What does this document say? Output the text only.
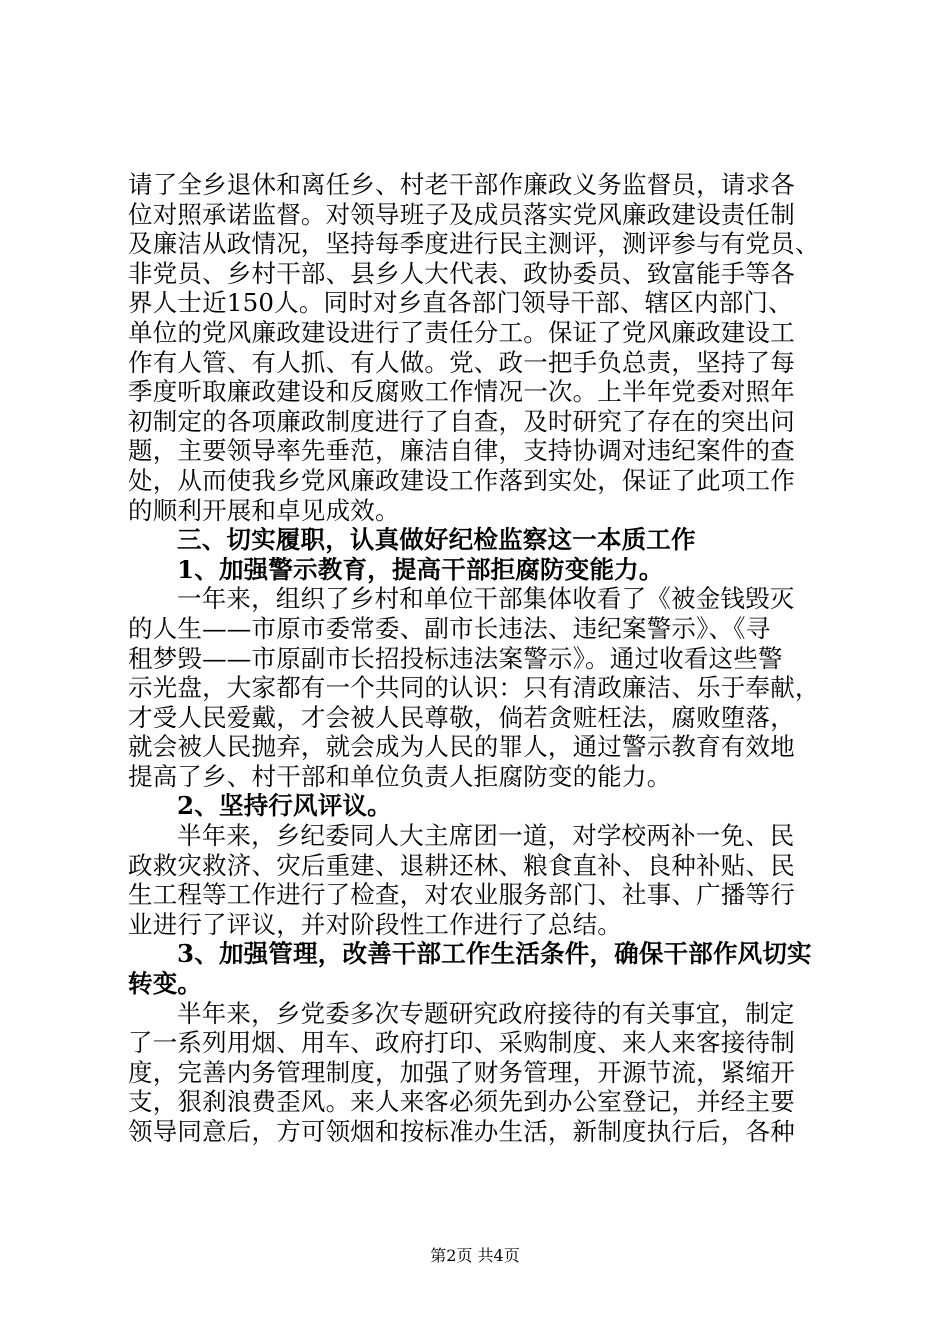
请了全乡退休和离任乡、村老干部作廉政义务监督员，请求各
位对照承诺监督。对领导班子及成员落实党风廉政建设责任制
及廉洁从政情况，坚持每季度进行民主测评，测评参与有党员、
非党员、乡村干部、县乡人大代表、政协委员、致富能手等各
界人士近150人。同时对乡直各部门领导干部、辖区内部门、
单位的党风廉政建设进行了责任分工。保证了党风廉政建设工
作有人管、有人抓、有人做。党、政一把手负总责，坚持了每
季度听取廉政建设和反腐败工作情况一次。上半年党委对照年
初制定的各项廉政制度进行了自查，及时研究了存在的突出问
题，主要领导率先垂范，廉洁自律，支持协调对违纪案件的查
处，从而使我乡党风廉政建设工作落到实处，保证了此项工作
的顺利开展和卓见成效。
三、切实履职，认真做好纪检监察这一本质工作
1、加强警示教育，提高干部拒腐防变能力。
一年来，组织了乡村和单位干部集体收看了《被金钱毁灭
的人生——市原市委常委、副市长违法、违纪案警示》、《寻
租梦毁——市原副市长招投标违法案警示》。通过收看这些警
示光盘，大家都有一个共同的认识：只有清政廉洁、乐于奉献，
才受人民爱戴，才会被人民尊敬，倘若贪赃枉法，腐败堕落，
就会被人民抛弃，就会成为人民的罪人，通过警示教育有效地
提高了乡、村干部和单位负责人拒腐防变的能力。
2、坚持行风评议。
半年来，乡纪委同人大主席团一道，对学校两补一免、民
政救灾救济、灾后重建、退耕还林、粮食直补、良种补贴、民
生工程等工作进行了检查，对农业服务部门、社事、广播等行
业进行了评议，并对阶段性工作进行了总结。
3、加强管理，改善干部工作生活条件，确保干部作风切实
转变。
半年来，乡党委多次专题研究政府接待的有关事宜，制定
了一系列用烟、用车、政府打印、采购制度、来人来客接待制
度，完善内务管理制度，加强了财务管理，开源节流，紧缩开
支，狠刹浪费歪风。来人来客必须先到办公室登记，并经主要
领导同意后，方可领烟和按标准办生活，新制度执行后，各种
第2页 共4页
